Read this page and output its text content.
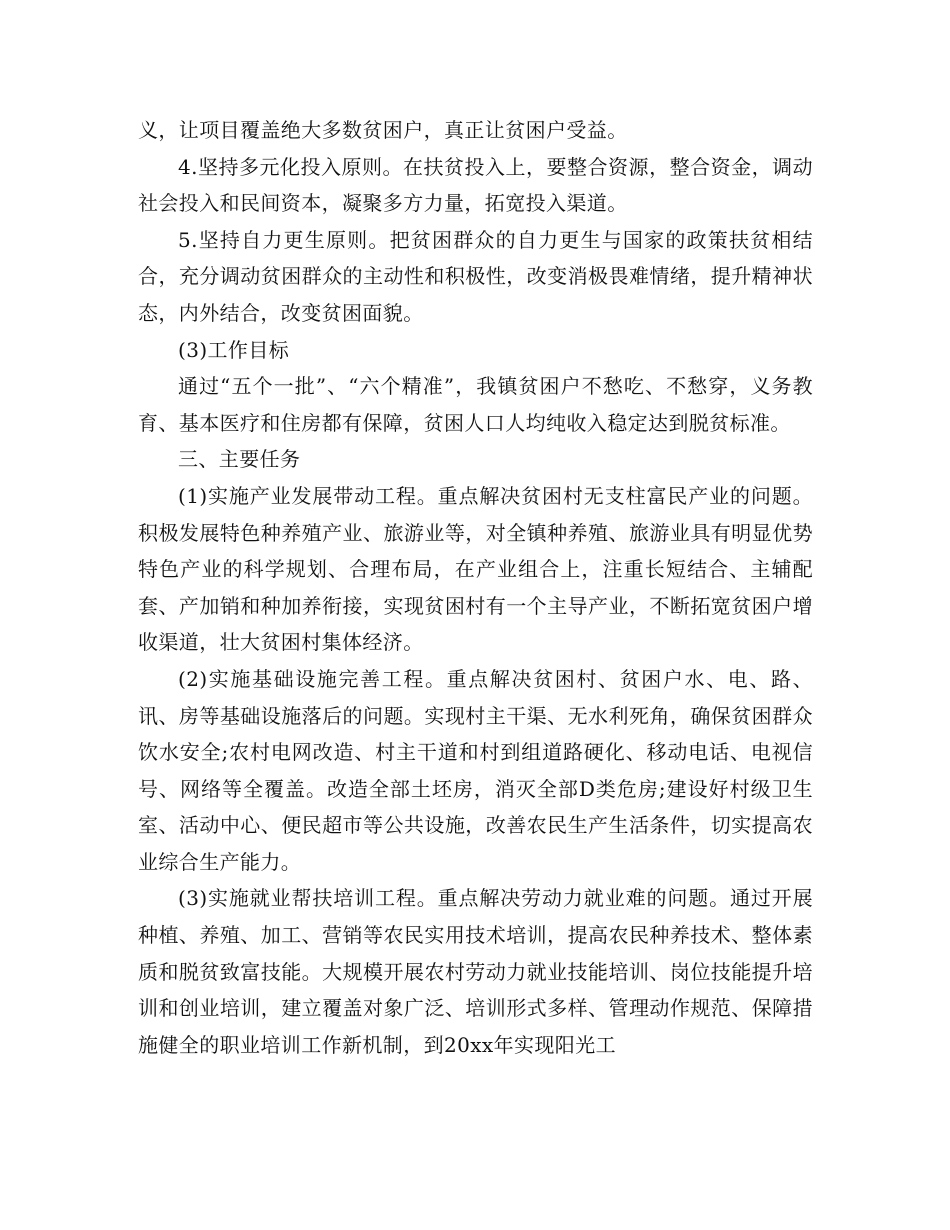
义，让项目覆盖绝大多数贫困户，真正让贫困户受益。

4.坚持多元化投入原则。在扶贫投入上，要整合资源，整合资金，调动社会投入和民间资本，凝聚多方力量，拓宽投入渠道。

5.坚持自力更生原则。把贫困群众的自力更生与国家的政策扶贫相结合，充分调动贫困群众的主动性和积极性，改变消极畏难情绪，提升精神状态，内外结合，改变贫困面貌。

(3)工作目标

通过“五个一批”、“六个精准”，我镇贫困户不愁吃、不愁穿，义务教育、基本医疗和住房都有保障，贫困人口人均纯收入稳定达到脱贫标准。

三、主要任务

(1)实施产业发展带动工程。重点解决贫困村无支柱富民产业的问题。积极发展特色种养殖产业、旅游业等，对全镇种养殖、旅游业具有明显优势特色产业的科学规划、合理布局，在产业组合上，注重长短结合、主辅配套、产加销和种加养衔接，实现贫困村有一个主导产业，不断拓宽贫困户增收渠道，壮大贫困村集体经济。

(2)实施基础设施完善工程。重点解决贫困村、贫困户水、电、路、讯、房等基础设施落后的问题。实现村主干渠、无水利死角，确保贫困群众饮水安全;农村电网改造、村主干道和村到组道路硬化、移动电话、电视信号、网络等全覆盖。改造全部土坯房，消灭全部D类危房;建设好村级卫生室、活动中心、便民超市等公共设施，改善农民生产生活条件，切实提高农业综合生产能力。

(3)实施就业帮扶培训工程。重点解决劳动力就业难的问题。通过开展种植、养殖、加工、营销等农民实用技术培训，提高农民种养技术、整体素质和脱贫致富技能。大规模开展农村劳动力就业技能培训、岗位技能提升培训和创业培训，建立覆盖对象广泛、培训形式多样、管理动作规范、保障措施健全的职业培训工作新机制，到20xx年实现阳光工
